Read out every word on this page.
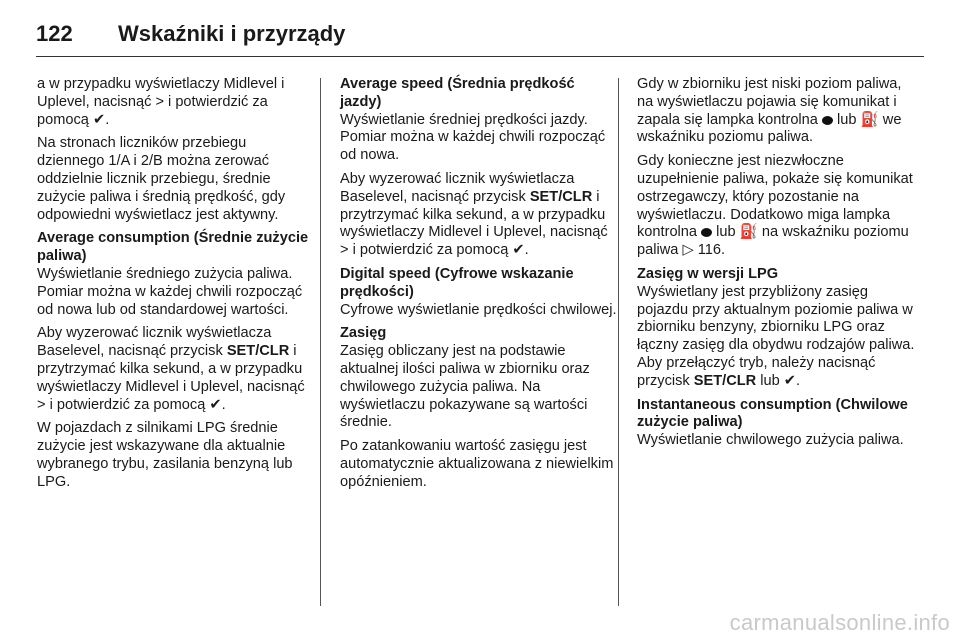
122	Wskaźniki i przyrządy

a w przypadku wyświetlaczy Midlevel i Uplevel, nacisnąć > i potwierdzić za pomocą ✔.

Na stronach liczników przebiegu dziennego 1/A i 2/B można zerować oddzielnie licznik przebiegu, średnie zużycie paliwa i średnią prędkość, gdy odpowiedni wyświetlacz jest aktywny.

Average consumption (Średnie zużycie paliwa)

Wyświetlanie średniego zużycia paliwa. Pomiar można w każdej chwili rozpocząć od nowa lub od standardowej wartości.

Aby wyzerować licznik wyświetlacza Baselevel, nacisnąć przycisk SET/CLR i przytrzymać kilka sekund, a w przypadku wyświetlaczy Midlevel i Uplevel, nacisnąć > i potwierdzić za pomocą ✔.

W pojazdach z silnikami LPG średnie zużycie jest wskazywane dla aktualnie wybranego trybu, zasilania benzyną lub LPG.

Average speed (Średnia prędkość jazdy)

Wyświetlanie średniej prędkości jazdy. Pomiar można w każdej chwili rozpocząć od nowa.

Aby wyzerować licznik wyświetlacza Baselevel, nacisnąć przycisk SET/CLR i przytrzymać kilka sekund, a w przypadku wyświetlaczy Midlevel i Uplevel, nacisnąć > i potwierdzić za pomocą ✔.

Digital speed (Cyfrowe wskazanie prędkości)

Cyfrowe wyświetlanie prędkości chwilowej.

Zasięg

Zasięg obliczany jest na podstawie aktualnej ilości paliwa w zbiorniku oraz chwilowego zużycia paliwa. Na wyświetlaczu pokazywane są wartości średnie.

Po zatankowaniu wartość zasięgu jest automatycznie aktualizowana z niewielkim opóźnieniem.

Gdy w zbiorniku jest niski poziom paliwa, na wyświetlaczu pojawia się komunikat i zapala się lampka kontrolna  lub ⛽ we wskaźniku poziomu paliwa.

Gdy konieczne jest niezwłoczne uzupełnienie paliwa, pokaże się komunikat ostrzegawczy, który pozostanie na wyświetlaczu. Dodatkowo miga lampka kontrolna  lub ⛽ na wskaźniku poziomu paliwa ▷ 116.

Zasięg w wersji LPG

Wyświetlany jest przybliżony zasięg pojazdu przy aktualnym poziomie paliwa w zbiorniku benzyny, zbiorniku LPG oraz łączny zasięg dla obydwu rodzajów paliwa. Aby przełączyć tryb, należy nacisnąć przycisk SET/CLR lub ✔.

Instantaneous consumption (Chwilowe zużycie paliwa)

Wyświetlanie chwilowego zużycia paliwa.

carmanualsonline.info
